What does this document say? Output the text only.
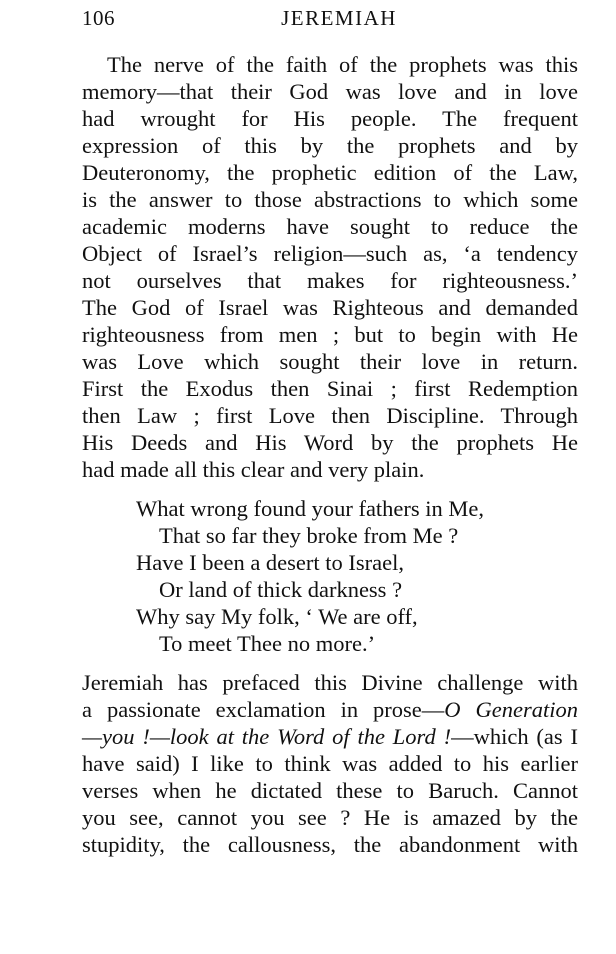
106	JEREMIAH
The nerve of the faith of the prophets was this
memory—that their God was love and in love
had wrought for His people. The frequent
expression of this by the prophets and by
Deuteronomy, the prophetic edition of the Law,
is the answer to those abstractions to which some
academic moderns have sought to reduce the
Object of Israel’s religion—such as, ‘a tendency
not ourselves that makes for righteousness.’
The God of Israel was Righteous and demanded
righteousness from men ; but to begin with He
was Love which sought their love in return.
First the Exodus then Sinai ; first Redemption
then Law ; first Love then Discipline. Through
His Deeds and His Word by the prophets He
had made all this clear and very plain.
What wrong found your fathers in Me,
That so far they broke from Me ?
Have I been a desert to Israel,
Or land of thick darkness ?
Why say My folk, ‘ We are off,
To meet Thee no more.’
Jeremiah has prefaced this Divine challenge with
a passionate exclamation in prose—O Generation
—you !—look at the Word of the Lord !—which (as I
have said) I like to think was added to his earlier
verses when he dictated these to Baruch. Cannot
you see, cannot you see ? He is amazed by the
stupidity, the callousness, the abandonment with
